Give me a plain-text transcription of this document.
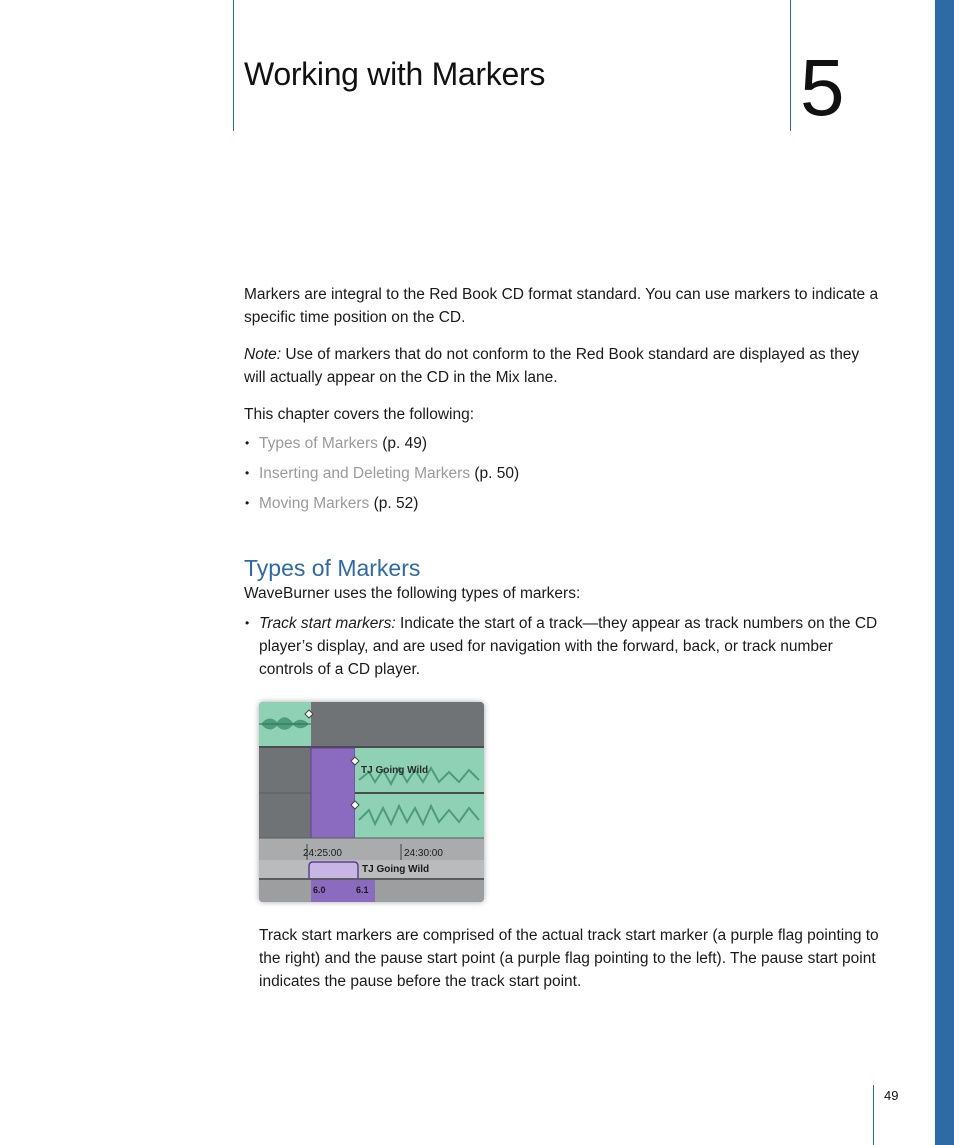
Working with Markers	5

Markers are integral to the Red Book CD format standard. You can use markers to indicate a specific time position on the CD.

Note: Use of markers that do not conform to the Red Book standard are displayed as they will actually appear on the CD in the Mix lane.

This chapter covers the following:

• Types of Markers (p. 49)
• Inserting and Deleting Markers (p. 50)
• Moving Markers (p. 52)
Types of Markers

WaveBurner uses the following types of markers:

• Track start markers: Indicate the start of a track—they appear as track numbers on the CD player’s display, and are used for navigation with the forward, back, or track number controls of a CD player.
TJ Going Wild
24:25:00	24:30:00
TJ Going Wild
6.0	6.1

Track start markers are comprised of the actual track start marker (a purple flag pointing to the right) and the pause start point (a purple flag pointing to the left). The pause start point indicates the pause before the track start point.

49
